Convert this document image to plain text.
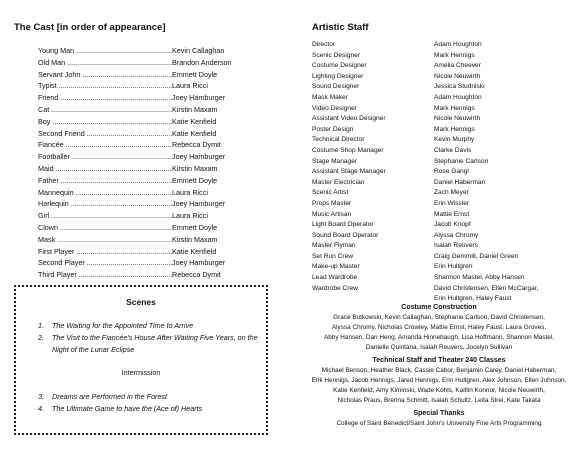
The Cast [in order of appearance]
Young Man .....	Kevin Callaghan
Old Man .....	Brandon Anderson
Servant John .....	Emmett Doyle
Typist .....	Laura Ricci
Friend .....	Joey Hamburger
Cat .....	Kirstin Maxam
Boy .....	Katie Kenfield
Second Friend .....	Katie Kenfield
Fiancée .....	Rebecca Dymit
Footballer .....	Joey Hamburger
Maid .....	Kirstin Maxam
Father .....	Emmett Doyle
Mannequin .....	Laura Ricci
Harlequin .....	Joey Hamburger
Girl .....	Laura Ricci
Clown .....	Emmett Doyle
Mask .....	Kirstin Maxam
First Player .....	Katie Kenfield
Second Player .....	Joey Hamburger
Third Player .....	Rebecca Dymit
Scenes
1.	The Waiting for the Appointed Time to Arrive
2.	The Visit to the Fiancée's House After Waiting Five Years, on the Night of the Lunar Eclipse
Intermission
3.	Dreams are Performed in the Forest
4.	The Ultimate Game to have the (Ace of) Hearts
Artistic Staff
Director	Adam Houghton
Scenic Designer	Mark Hennigs
Costume Designer	Amelia Cheever
Lighting Designer	Nicole Neuwirth
Sound Designer	Jessica Studniski
Mask Maker	Adam Houghton
Video Designer	Mark Hennigs
Assistant Video Designer	Nicole Neuwirth
Poster Design	Mark Hennigs
Technical Director	Kevin Murphy
Costume Shop Manager	Clarke Davis
Stage Manager	Stephanie Carlson
Assistant Stage Manager	Rose Gangl
Master Electrician	Daniel Haberman
Scenic Artist	Zach Meyer
Props Master	Erin Wissler
Music Artisan	Mattie Ernst
Light Board Operator	Jacob Knopf
Sound Board Operator	Alyssa Chromy
Master Flyman	Isaiah Reuvers
Set Run Crew	Craig Gemmill, Daniel Green
Make-up Master	Erin Hultgren
Lead Wardrobe	Shannon Mastel, Abby Hansen
Wardrobe Crew	David Christensen, Ellen McCargar,
Erin Hultgren, Haley Faust
Costume Construction
Grace Butkowski, Kevin Callaghan, Stephanie Carlson, David Christensen,
Alyssa Chromy, Nicholas Crowley, Mattie Ernst, Haley Faust, Laura Groves,
Abby Hansen, Dan Heng, Amanda Hinnebaugh, Lisa Hoffmann, Shannon Mastel,
Danielle Quintana, Isaiah Reuvers, Jocelyn Sullivan
Technical Staff and Theater 240 Classes
Michael Benson, Heather Black, Cassie Cabor, Benjamin Carey, Daniel Haberman,
Erik Hennigs, Jacob Hennigs, Jared Hennigs, Erin Hultgren, Alex Johnson, Ellen Johnson,
Katie Kenfield, Amy Kiminski, Wade Kohls, Kaitlin Konnor, Nicole Neuwirth,
Nicholas Praus, Brenna Schmitt, Isaiah Schultz, Leita Strei, Kate Takata
Special Thanks
College of Saint Benedict/Saint John's University Fine Arts Programming
